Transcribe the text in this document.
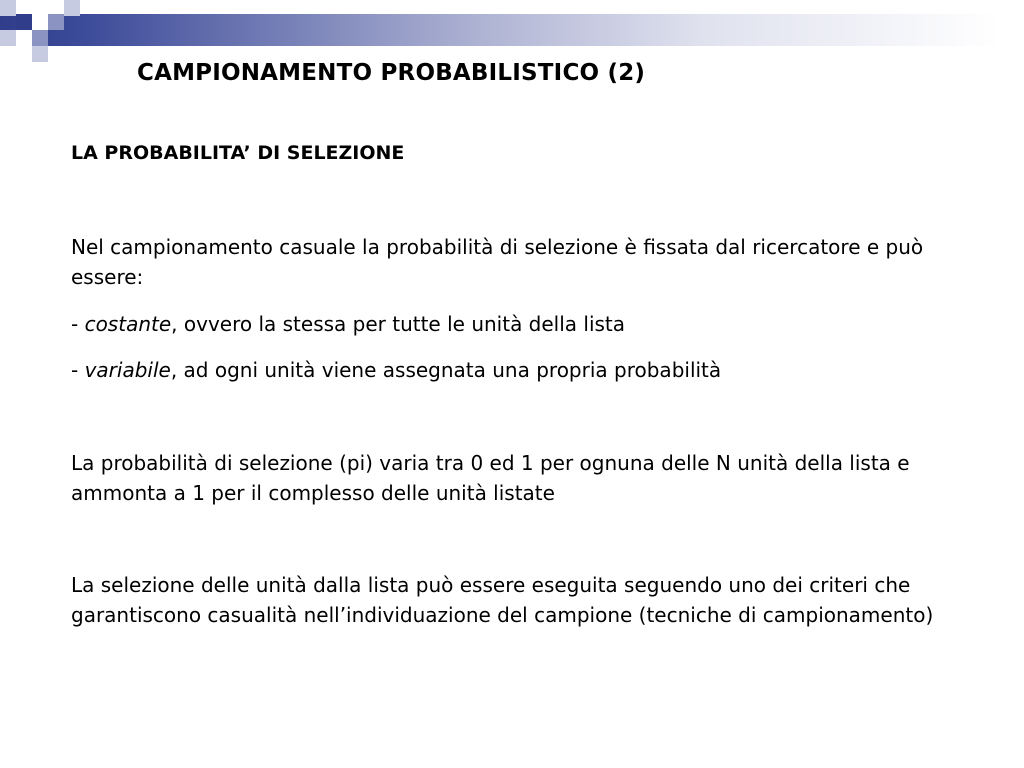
CAMPIONAMENTO PROBABILISTICO (2)
LA PROBABILITA’ DI SELEZIONE
Nel campionamento casuale la probabilità di selezione è fissata dal ricercatore e può essere:
- costante, ovvero la stessa per tutte le unità della lista
- variabile, ad ogni unità viene assegnata una propria probabilità
La probabilità di selezione (pi) varia tra 0 ed 1 per ognuna delle N unità della lista e ammonta a 1 per il complesso delle unità listate
La selezione delle unità dalla lista può essere eseguita seguendo uno dei criteri che garantiscono casualità nell’individuazione del campione (tecniche di campionamento)
